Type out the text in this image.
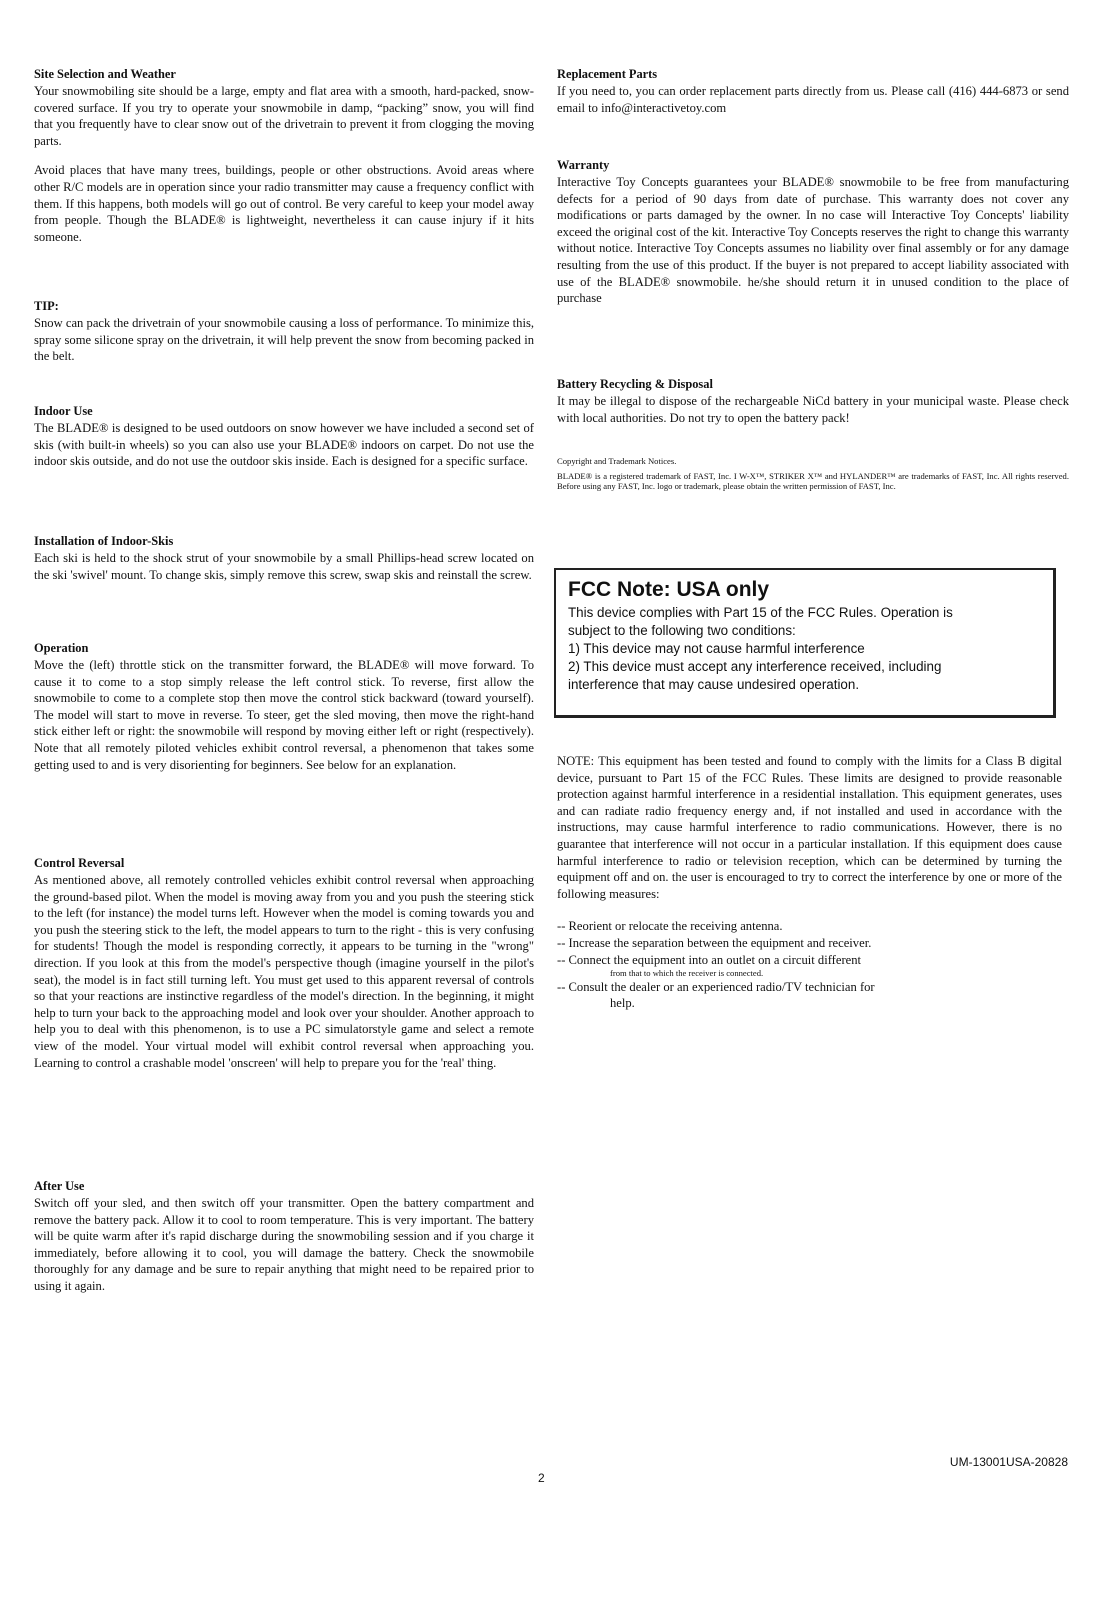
Site Selection and Weather

Your snowmobiling site should be a large, empty and flat area with a smooth, hard-packed, snow-covered surface. If you try to operate your snowmobile in damp, “packing” snow, you will find that you frequently have to clear snow out of the drivetrain to prevent it from clogging the moving parts.

Avoid places that have many trees, buildings, people or other obstructions. Avoid areas where other R/C models are in operation since your radio transmitter may cause a frequency conflict with them. If this happens, both models will go out of control. Be very careful to keep your model away from people. Though the BLADE® is lightweight, nevertheless it can cause injury if it hits someone.

TIP:

Snow can pack the drivetrain of your snowmobile causing a loss of performance. To minimize this, spray some silicone spray on the drivetrain, it will help prevent the snow from becoming packed in the belt.

Indoor Use

The BLADE® is designed to be used outdoors on snow however we have included a second set of skis (with built-in wheels) so you can also use your BLADE® indoors on carpet. Do not use the indoor skis outside, and do not use the outdoor skis inside. Each is designed for a specific surface.

Installation of Indoor-Skis

Each ski is held to the shock strut of your snowmobile by a small Phillips-head screw located on the ski 'swivel' mount. To change skis, simply remove this screw, swap skis and reinstall the screw.

Operation

Move the (left) throttle stick on the transmitter forward, the BLADE® will move forward. To cause it to come to a stop simply release the left control stick. To reverse, first allow the snowmobile to come to a complete stop then move the control stick backward (toward yourself). The model will start to move in reverse. To steer, get the sled moving, then move the right-hand stick either left or right: the snowmobile will respond by moving either left or right (respectively). Note that all remotely piloted vehicles exhibit control reversal, a phenomenon that takes some getting used to and is very disorienting for beginners. See below for an explanation.

Control Reversal

As mentioned above, all remotely controlled vehicles exhibit control reversal when approaching the ground-based pilot. When the model is moving away from you and you push the steering stick to the left (for instance) the model turns left. However when the model is coming towards you and you push the steering stick to the left, the model appears to turn to the right - this is very confusing for students! Though the model is responding correctly, it appears to be turning in the "wrong" direction. If you look at this from the model's perspective though (imagine yourself in the pilot's seat), the model is in fact still turning left. You must get used to this apparent reversal of controls so that your reactions are instinctive regardless of the model's direction. In the beginning, it might help to turn your back to the approaching model and look over your shoulder. Another approach to help you to deal with this phenomenon, is to use a PC simulatorstyle game and select a remote view of the model. Your virtual model will exhibit control reversal when approaching you. Learning to control a crashable model 'onscreen' will help to prepare you for the 'real' thing.

After Use

Switch off your sled, and then switch off your transmitter. Open the battery compartment and remove the battery pack. Allow it to cool to room temperature. This is very important. The battery will be quite warm after it's rapid discharge during the snowmobiling session and if you charge it immediately, before allowing it to cool, you will damage the battery. Check the snowmobile thoroughly for any damage and be sure to repair anything that might need to be repaired prior to using it again.

Replacement Parts

If you need to, you can order replacement parts directly from us. Please call (416) 444-6873 or send email to info@interactivetoy.com

Warranty

Interactive Toy Concepts guarantees your BLADE® snowmobile to be free from manufacturing defects for a period of 90 days from date of purchase. This warranty does not cover any modifications or parts damaged by the owner. In no case will Interactive Toy Concepts' liability exceed the original cost of the kit. Interactive Toy Concepts reserves the right to change this warranty without notice. Interactive Toy Concepts assumes no liability over final assembly or for any damage resulting from the use of this product. If the buyer is not prepared to accept liability associated with use of the BLADE® snowmobile. he/she should return it in unused condition to the place of purchase

Battery Recycling & Disposal

It may be illegal to dispose of the rechargeable NiCd battery in your municipal waste. Please check with local authorities. Do not try to open the battery pack!

Copyright and Trademark Notices.

BLADE® is a registered trademark of FAST, Inc. I W-X™, STRIKER X™ and HYLANDER™ are trademarks of FAST, Inc. All rights reserved. Before using any FAST, Inc. logo or trademark, please obtain the written permission of FAST, Inc.

NOTE: This equipment has been tested and found to comply with the limits for a Class B digital device, pursuant to Part 15 of the FCC Rules. These limits are designed to provide reasonable protection against harmful interference in a residential installation. This equipment generates, uses and can radiate radio frequency energy and, if not installed and used in accordance with the instructions, may cause harmful interference to radio communications. However, there is no guarantee that interference will not occur in a particular installation. If this equipment does cause harmful interference to radio or television reception, which can be determined by turning the equipment off and on. the user is encouraged to try to correct the interference by one or more of the following measures:

-- Reorient or relocate the receiving antenna.

-- Increase the separation between the equipment and receiver.

-- Connect the equipment into an outlet on a circuit different

from that to which the receiver is connected.

-- Consult the dealer or an experienced radio/TV technician for

help.

FCC Note: USA only

This device complies with Part 15 of the FCC Rules. Operation is

subject to the following two conditions:

1) This device may not cause harmful interference

2) This device must accept any interference received, including

interference that may cause undesired operation.

2
UM-13001USA-20828
